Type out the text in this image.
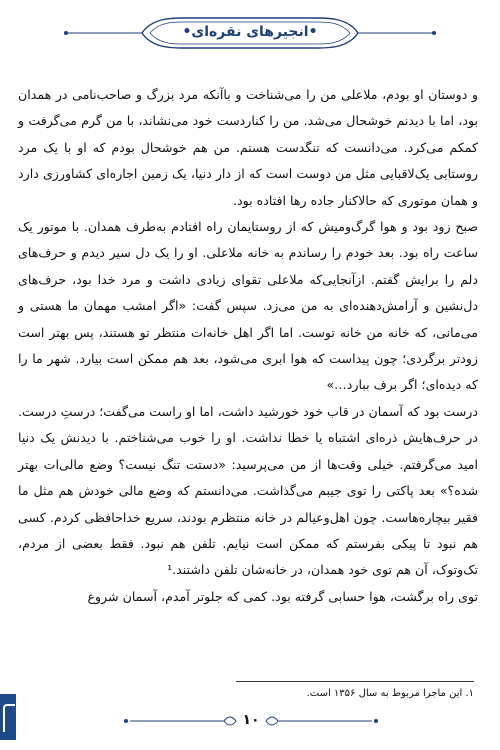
•انجیرهای نقره‌ای•

و دوستان او بودم، ملاعلی من را می‌شناخت و باآنکه مرد بزرگ و صاحب‌نامی در همدان بود، اما با دیدنم خوشحال می‌شد. من را کناردست خود می‌نشاند، با من گرم می‌گرفت و کمکم می‌کرد. می‌دانست که تنگدست هستم. من هم خوشحال بودم که او با یک مرد روستایی یک‌لاقبایی مثل من دوست است که از دار دنیا، یک زمین اجاره‌ای کشاورزی دارد و همان موتوری که حالاکنار جاده رها افتاده بود.

صبح زود بود و هوا گرگ‌ومیش که از روستایمان راه افتادم به‌طرف همدان. با موتور یک ساعت راه بود. بعد خودم را رساندم به خانه ملاعلی. او را یک دل سیر دیدم و حرف‌های دلم را برایش گفتم. ازآنجایی‌که ملاعلی تقوای زیادی داشت و مرد خدا بود، حرف‌های دل‌نشین و آرامش‌دهنده‌ای به من می‌زد. سپس گفت: «اگر امشب مهمان ما هستی و می‌مانی، که خانه من خانه توست. اما اگر اهل خانه‌ات منتظر تو هستند، پس بهتر است زودتر برگردی؛ چون پیداست که هوا ابری می‌شود، بعد هم ممکن است بیارد. شهر ما را که دیده‌ای؛ اگر برف ببارد…»

درست بود که آسمان در قاب خود خورشید داشت، اما او راست می‌گفت؛ درستِ درست. در حرف‌هایش ذره‌ای اشتباه یا خطا نداشت. او را خوب می‌شناختم. با دیدنش یک دنیا امید می‌گرفتم. خیلی وقت‌ها از من می‌پرسید: «دستت تنگ نیست؟ وضع مالی‌ات بهتر شده؟» بعد پاکتی را توی جیبم می‌گذاشت. می‌دانستم که وضع مالی خودش هم مثل ما فقیر بیچاره‌هاست. چون اهل‌وعیالم در خانه منتظرم بودند، سریع خداحافظی کردم. کسی هم نبود تا پیکی بفرستم که ممکن است نیایم. تلفن هم نبود. فقط بعضی از مردم، تک‌وتوک، آن هم توی خود همدان، در خانه‌شان تلفن داشتند.¹

توی راه برگشت، هوا حسابی گرفته بود. کمی که جلوتر آمدم، آسمان شروع

۱. این ماجرا مربوط به سال ۱۳۵۶ است.
۱۰
